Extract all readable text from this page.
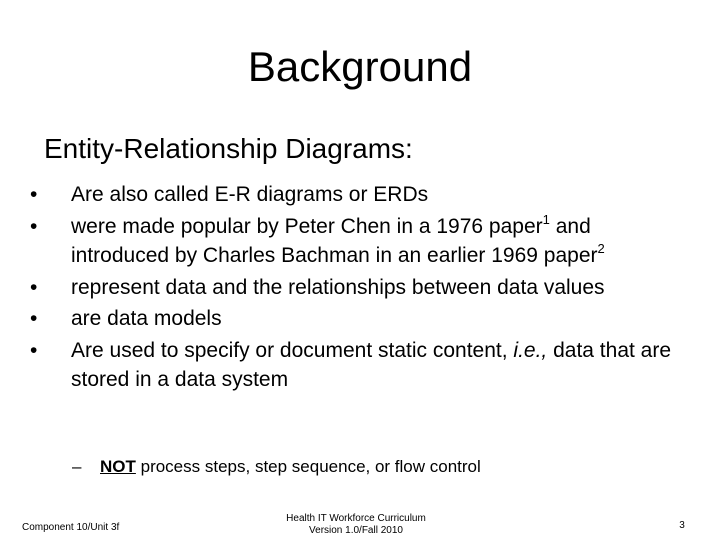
Background
Entity-Relationship Diagrams:
•	Are also called E-R diagrams or ERDs
•	were made popular by Peter Chen in a 1976 paper$^1$ and introduced by Charles Bachman in an earlier 1969 paper$^2$
•	represent data and the relationships between data values
•	are data models
•	Are used to specify or document static content, i.e., data that are stored in a data system
– NOT process steps, step sequence, or flow control
Component 10/Unit 3f
Health IT Workforce Curriculum
Version 1.0/Fall 2010	3
